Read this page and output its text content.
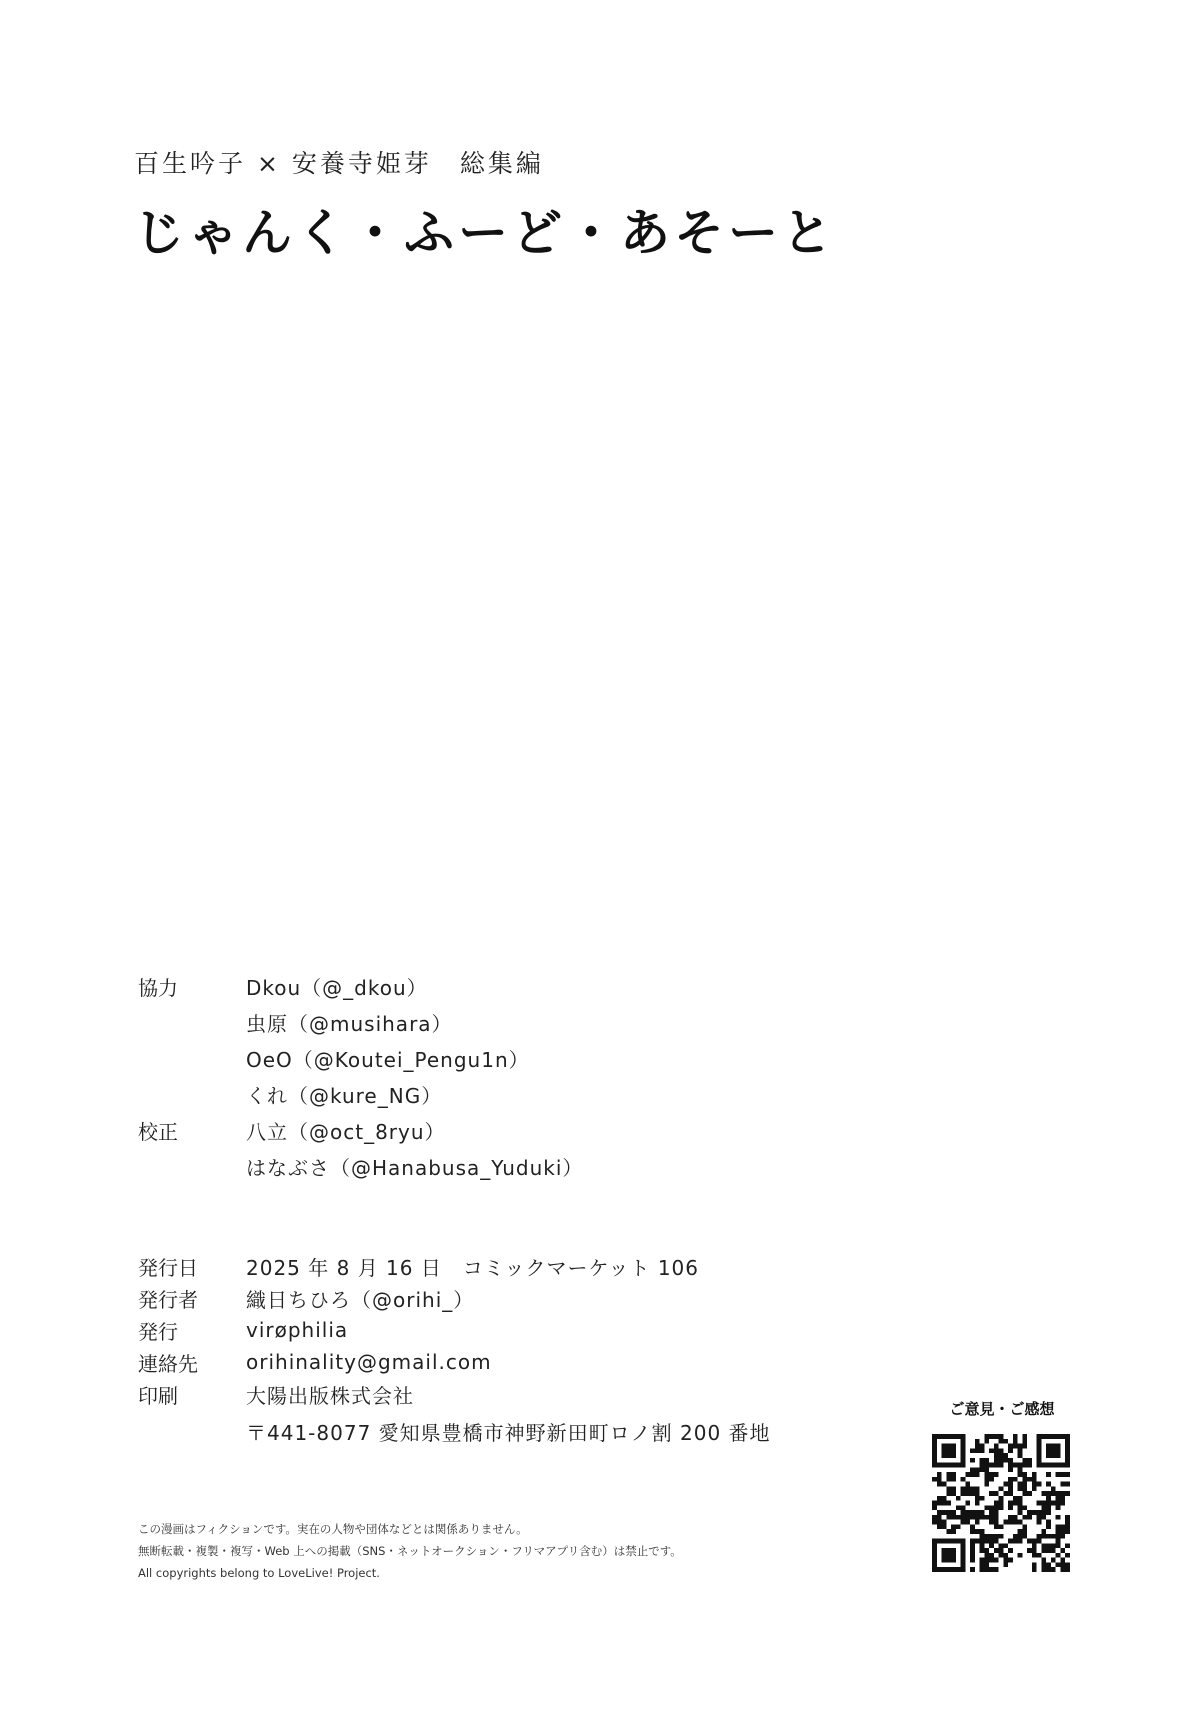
百生吟子 × 安養寺姫芽　総集編
じゃんく・ふーど・あそーと
協力	Dkou（@_dkou）
虫原（@musihara）
OeO（@Koutei_Pengu1n）
くれ（@kure_NG）
校正	八立（@oct_8ryu）
はなぶさ（@Hanabusa_Yuduki）
発行日	2025 年 8 月 16 日　コミックマーケット 106
発行者	織日ちひろ（@orihi_）
発行	virøphilia
連絡先	orihinality@gmail.com
印刷	大陽出版株式会社
〒441-8077 愛知県豊橋市神野新田町ロノ割 200 番地
この漫画はフィクションです。実在の人物や団体などとは関係ありません。
無断転載・複製・複写・Web 上への掲載（SNS・ネットオークション・フリマアプリ含む）は禁止です。
All copyrights belong to LoveLive! Project.
ご意見・ご感想
